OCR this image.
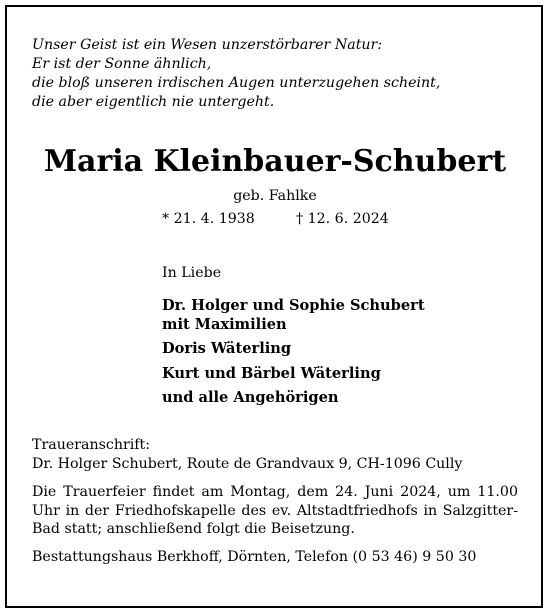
Unser Geist ist ein Wesen unzerstörbarer Natur:
Er ist der Sonne ähnlich,
die bloß unseren irdischen Augen unterzugehen scheint,
die aber eigentlich nie untergeht.
Maria Kleinbauer-Schubert
geb. Fahlke
* 21. 4. 1938	† 12. 6. 2024
In Liebe
Dr. Holger und Sophie Schubert
mit Maximilien
Doris Wäterling
Kurt und Bärbel Wäterling
und alle Angehörigen

Traueranschrift:

Dr. Holger Schubert, Route de Grandvaux 9, CH-1096 Cully

Die Trauerfeier findet am Montag, dem 24. Juni 2024, um 11.00 Uhr in der Friedhofskapelle des ev. Altstadtfriedhofs in Salzgitter-Bad statt; anschließend folgt die Beisetzung.

Bestattungshaus Berkhoff, Dörnten, Telefon (0 53 46) 9 50 30
